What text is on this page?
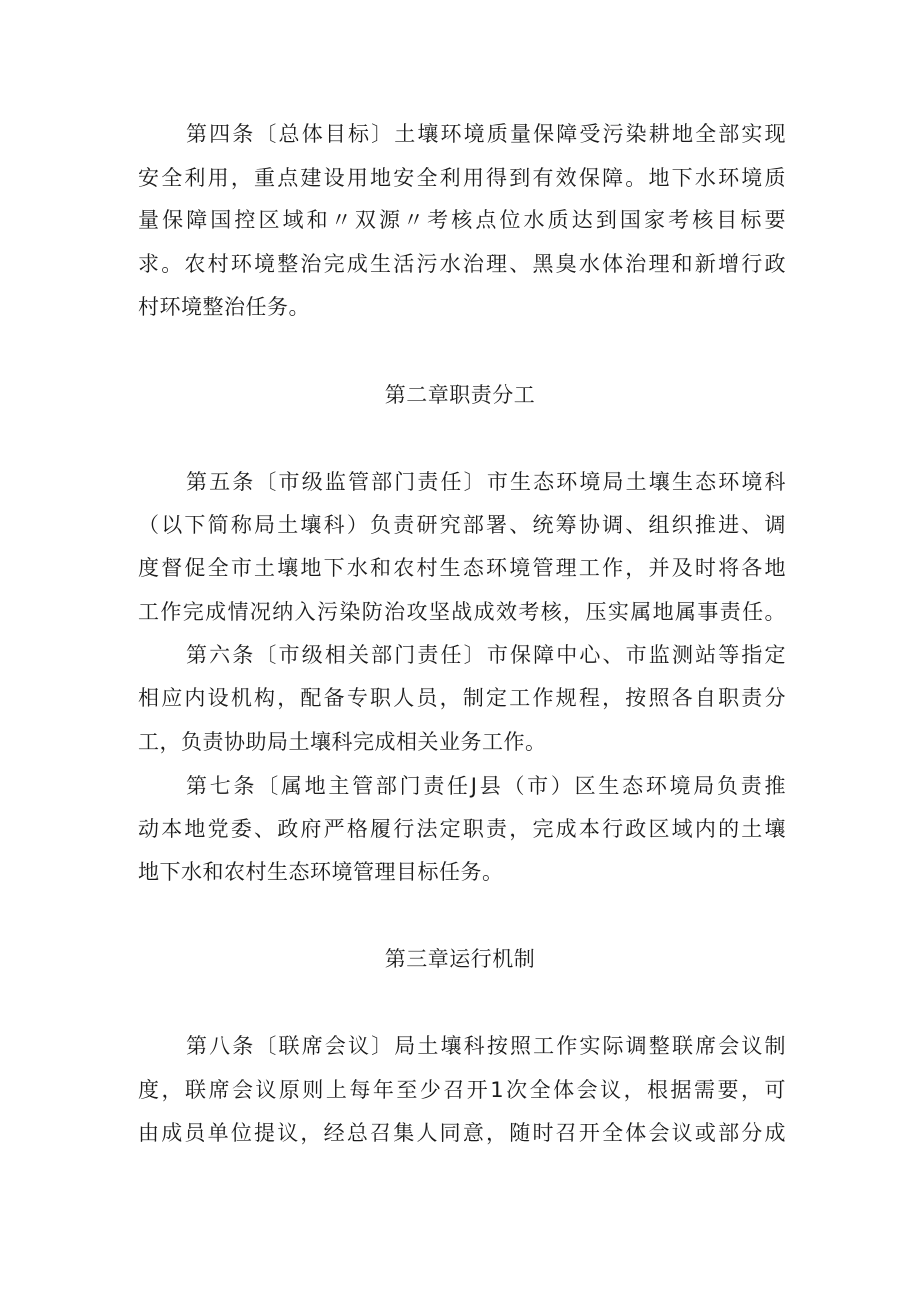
第四条〔总体目标〕土壤环境质量保障受污染耕地全部实现
安全利用，重点建设用地安全利用得到有效保障。地下水环境质
量保障国控区域和〃双源〃考核点位水质达到国家考核目标要
求。农村环境整治完成生活污水治理、黑臭水体治理和新增行政
村环境整治任务。
第二章职责分工
第五条〔市级监管部门责任〕市生态环境局土壤生态环境科
（以下简称局土壤科）负责研究部署、统筹协调、组织推进、调
度督促全市土壤地下水和农村生态环境管理工作，并及时将各地
工作完成情况纳入污染防治攻坚战成效考核，压实属地属事责任。
第六条〔市级相关部门责任〕市保障中心、市监测站等指定
相应内设机构，配备专职人员，制定工作规程，按照各自职责分
工，负责协助局土壤科完成相关业务工作。
第七条〔属地主管部门责任J县（市）区生态环境局负责推
动本地党委、政府严格履行法定职责，完成本行政区域内的土壤
地下水和农村生态环境管理目标任务。
第三章运行机制
第八条〔联席会议〕局土壤科按照工作实际调整联席会议制
度，联席会议原则上每年至少召开1次全体会议，根据需要，可
由成员单位提议，经总召集人同意，随时召开全体会议或部分成
